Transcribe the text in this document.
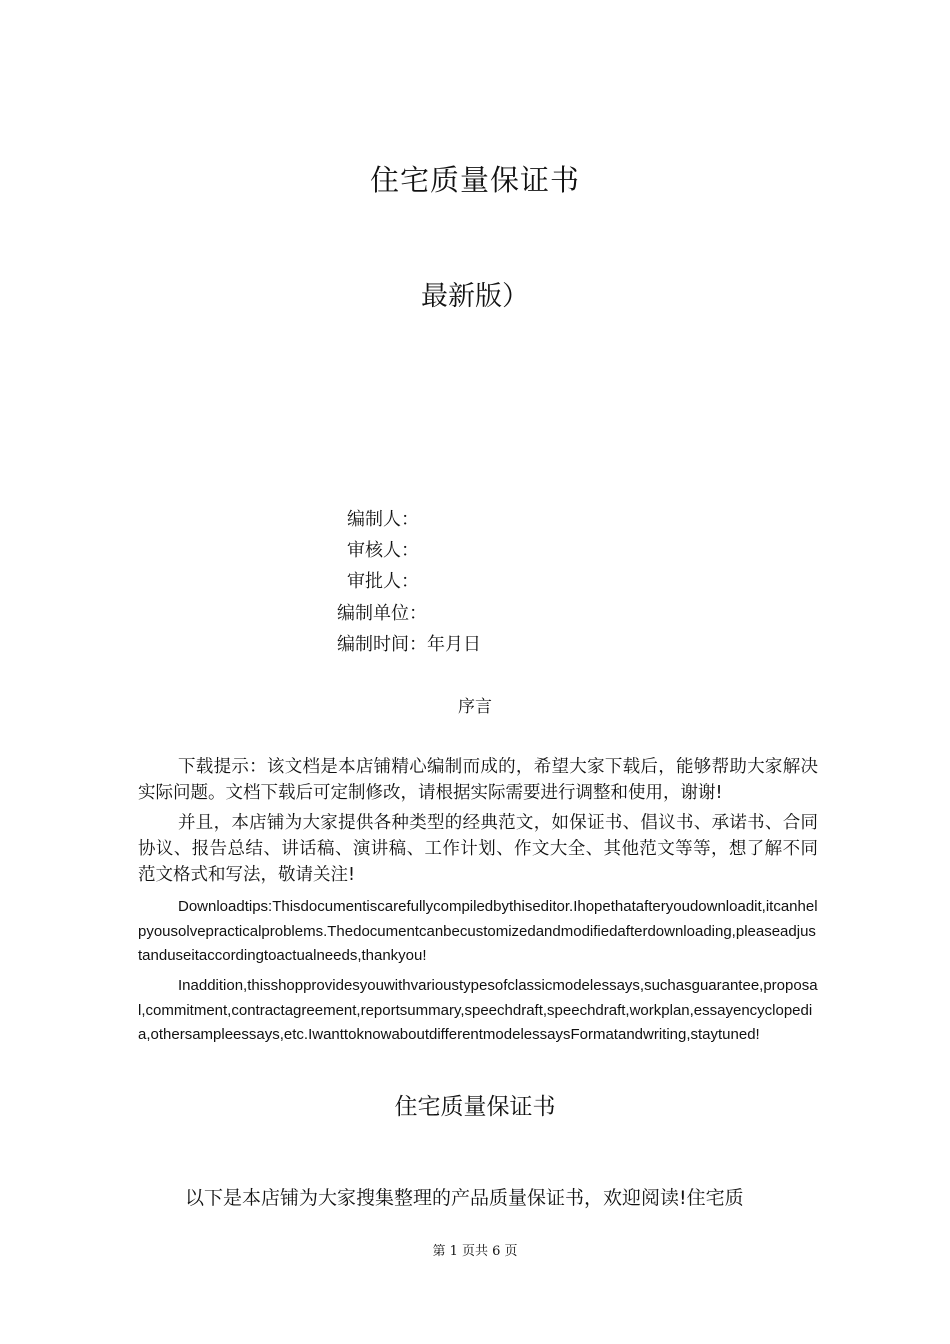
住宅质量保证书
最新版）
编制人：
审核人：
审批人：
编制单位：
编制时间：年月日
序言
下载提示：该文档是本店铺精心编制而成的，希望大家下载后，能够帮助大家解决实际问题。文档下载后可定制修改，请根据实际需要进行调整和使用，谢谢!
并且，本店铺为大家提供各种类型的经典范文，如保证书、倡议书、承诺书、合同协议、报告总结、讲话稿、演讲稿、工作计划、作文大全、其他范文等等，想了解不同范文格式和写法，敬请关注!
Downloadtips:Thisdocumentiscarefullycompiledbythiseditor.Ihopethatafteryoudownloadit,itcanhelpyousolvepracticalproblems.Thedocumentcanbecustomizedandmodifiedafterdownloading,pleaseadjustanduseitaccordingtoactualneeds,thankyou!
Inaddition,thisshopprovidesyouwithvarioustypesofclassicmodelessays,suchasguarantee,proposal,commitment,contractagreement,reportsummary,speechdraft,speechdraft,workplan,essayencyclopedia,othersampleessays,etc.IwanttoknowaboutdifferentmodelessaysFormatandwriting,staytuned!
住宅质量保证书
以下是本店铺为大家搜集整理的产品质量保证书，欢迎阅读!住宅质
第 1 页共 6 页
